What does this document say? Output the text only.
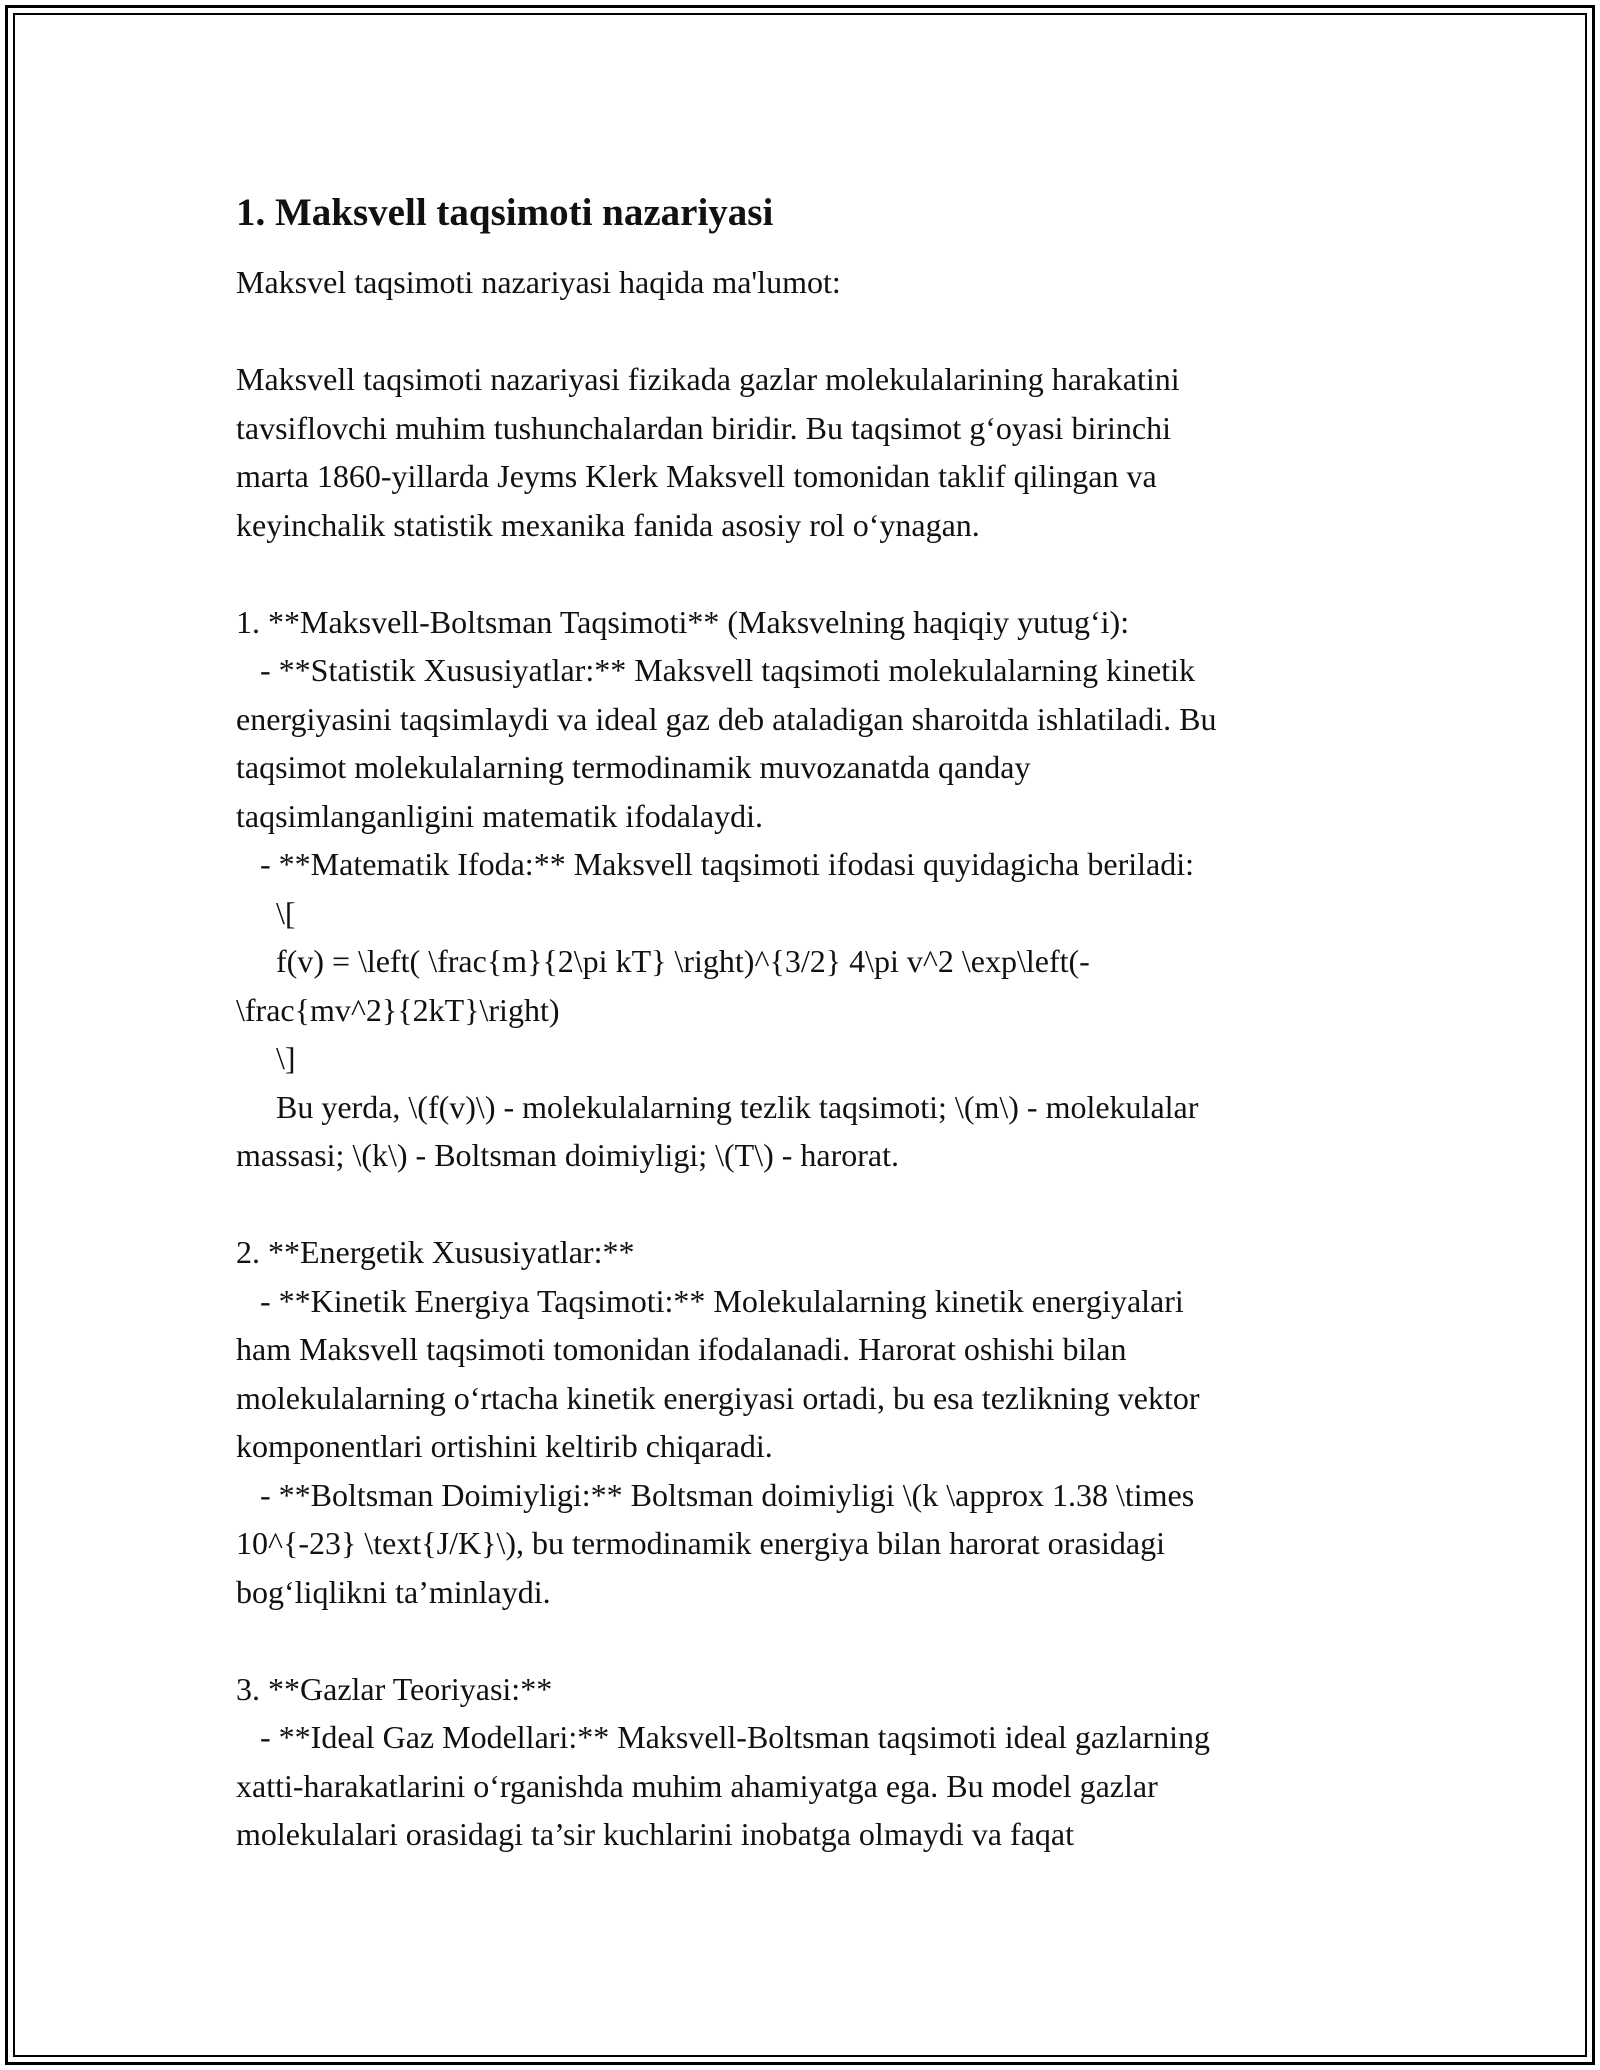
1. Maksvell taqsimoti nazariyasi
Maksvel taqsimoti nazariyasi haqida ma'lumot:
Maksvell taqsimoti nazariyasi fizikada gazlar molekulalarining harakatini
tavsiflovchi muhim tushunchalardan biridir. Bu taqsimot g‘oyasi birinchi
marta 1860-yillarda Jeyms Klerk Maksvell tomonidan taklif qilingan va
keyinchalik statistik mexanika fanida asosiy rol o‘ynagan.
1. **Maksvell-Boltsman Taqsimoti** (Maksvelning haqiqiy yutug‘i):
- **Statistik Xususiyatlar:** Maksvell taqsimoti molekulalarning kinetik
energiyasini taqsimlaydi va ideal gaz deb ataladigan sharoitda ishlatiladi. Bu
taqsimot molekulalarning termodinamik muvozanatda qanday
taqsimlanganligini matematik ifodalaydi.
- **Matematik Ifoda:** Maksvell taqsimoti ifodasi quyidagicha beriladi:
\[
f(v) = \left( \frac{m}{2\pi kT} \right)^{3/2} 4\pi v^2 \exp\left(-
\frac{mv^2}{2kT}\right)
\]
Bu yerda, \(f(v)\) - molekulalarning tezlik taqsimoti; \(m\) - molekulalar
massasi; \(k\) - Boltsman doimiyligi; \(T\) - harorat.
2. **Energetik Xususiyatlar:**
- **Kinetik Energiya Taqsimoti:** Molekulalarning kinetik energiyalari
ham Maksvell taqsimoti tomonidan ifodalanadi. Harorat oshishi bilan
molekulalarning o‘rtacha kinetik energiyasi ortadi, bu esa tezlikning vektor
komponentlari ortishini keltirib chiqaradi.
- **Boltsman Doimiyligi:** Boltsman doimiyligi \(k \approx 1.38 \times
10^{-23} \text{J/K}\), bu termodinamik energiya bilan harorat orasidagi
bog‘liqlikni ta’minlaydi.
3. **Gazlar Teoriyasi:**
- **Ideal Gaz Modellari:** Maksvell-Boltsman taqsimoti ideal gazlarning
xatti-harakatlarini o‘rganishda muhim ahamiyatga ega. Bu model gazlar
molekulalari orasidagi ta’sir kuchlarini inobatga olmaydi va faqat
